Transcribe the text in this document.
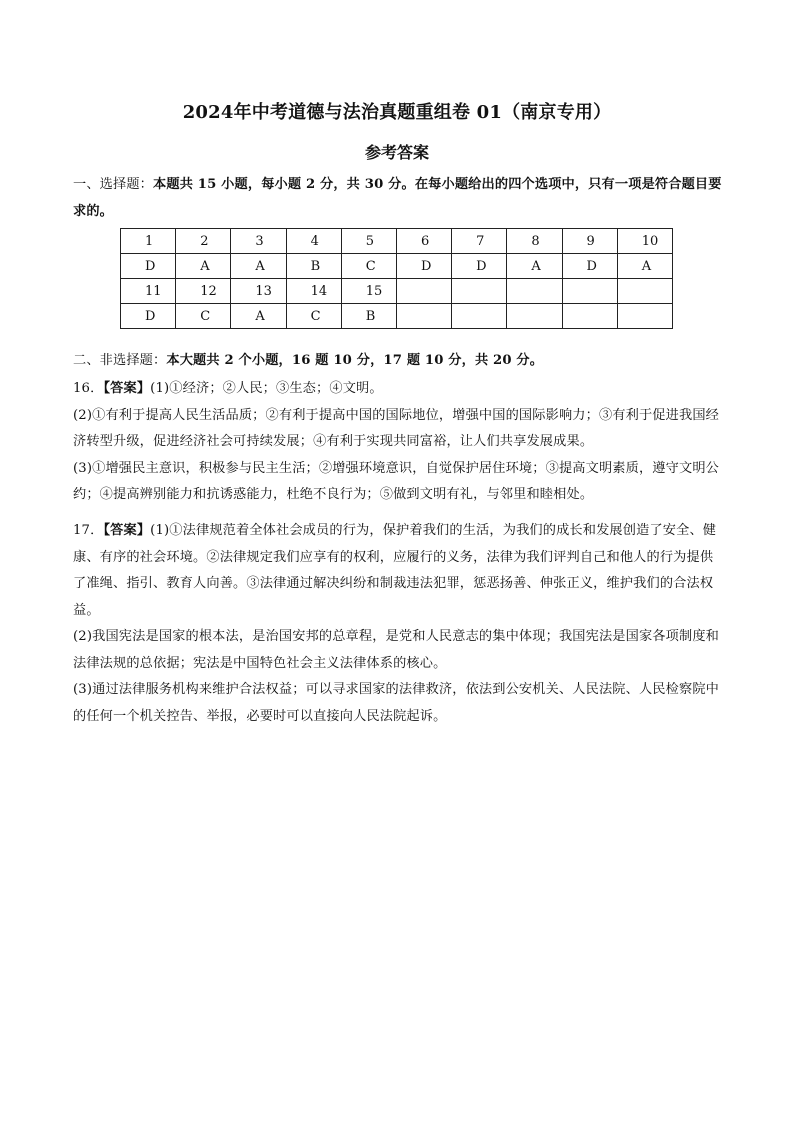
2024年中考道德与法治真题重组卷 01（南京专用）
参考答案
一、选择题：本题共 15 小题，每小题 2 分，共 30 分。在每小题给出的四个选项中，只有一项是符合题目要求的。
1	2	3	4	5	6	7	8	9	10
D	A	A	B	C	D	D	A	D	A
11	12	13	14	15					
D	C	A	C	B					
二、非选择题：本大题共 2 个小题，16 题 10 分，17 题 10 分，共 20 分。
16．【答案】(1)①经济；②人民；③生态；④文明。
(2)①有利于提高人民生活品质；②有利于提高中国的国际地位，增强中国的国际影响力；③有利于促进我国经济转型升级，促进经济社会可持续发展；④有利于实现共同富裕，让人们共享发展成果。
(3)①增强民主意识，积极参与民主生活；②增强环境意识，自觉保护居住环境；③提高文明素质，遵守文明公约；④提高辨别能力和抗诱惑能力，杜绝不良行为；⑤做到文明有礼，与邻里和睦相处。
17．【答案】(1)①法律规范着全体社会成员的行为，保护着我们的生活，为我们的成长和发展创造了安全、健康、有序的社会环境。②法律规定我们应享有的权利，应履行的义务，法律为我们评判自己和他人的行为提供了准绳、指引、教育人向善。③法律通过解决纠纷和制裁违法犯罪，惩恶扬善、伸张正义，维护我们的合法权益。
(2)我国宪法是国家的根本法，是治国安邦的总章程，是党和人民意志的集中体现；我国宪法是国家各项制度和法律法规的总依据；宪法是中国特色社会主义法律体系的核心。
(3)通过法律服务机构来维护合法权益；可以寻求国家的法律救济，依法到公安机关、人民法院、人民检察院中的任何一个机关控告、举报，必要时可以直接向人民法院起诉。
